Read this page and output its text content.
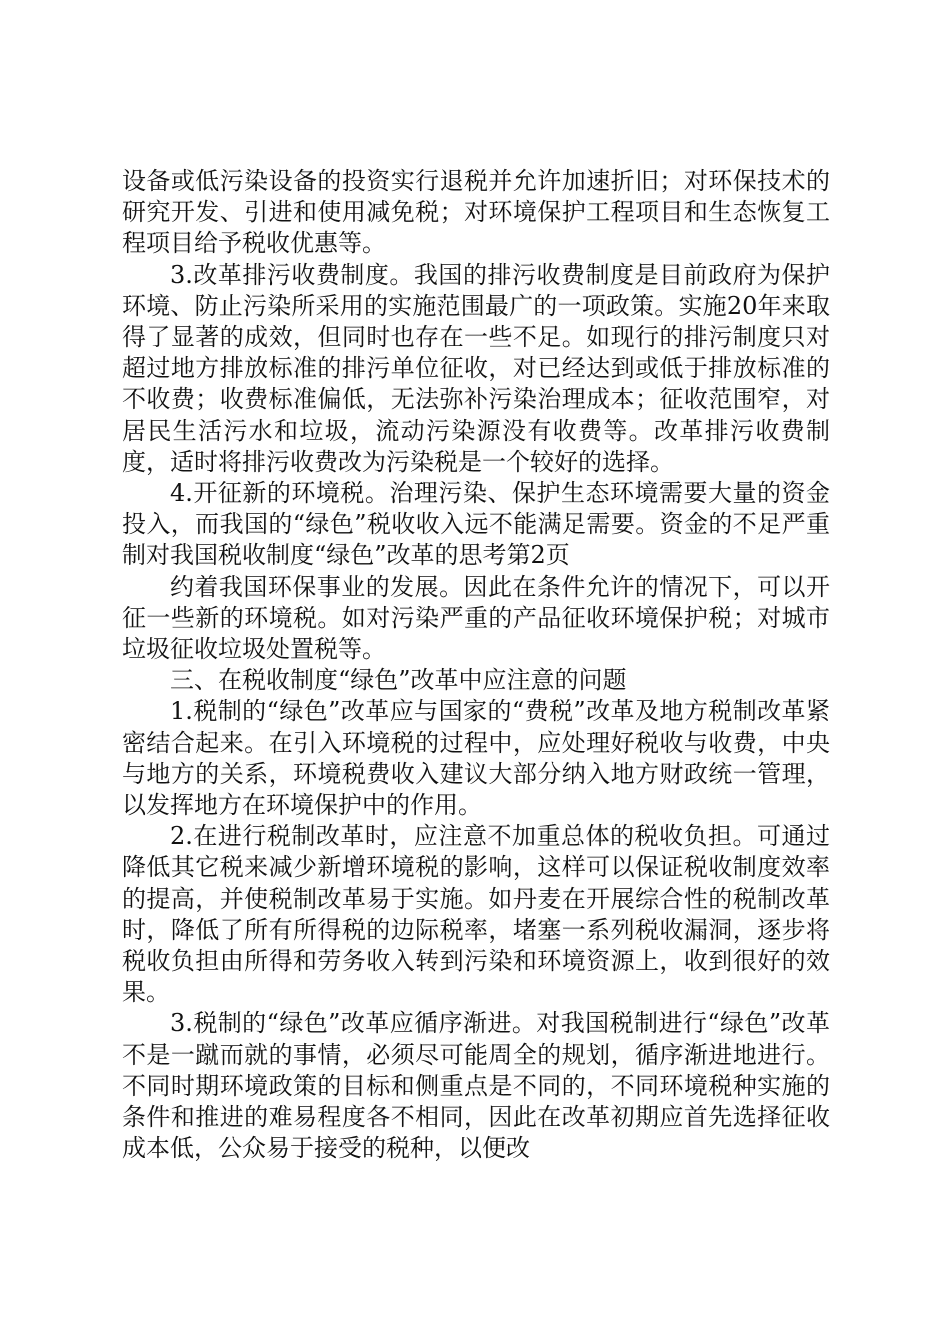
设备或低污染设备的投资实行退税并允许加速折旧；对环保技术的研究开发、引进和使用减免税；对环境保护工程项目和生态恢复工程项目给予税收优惠等。

3.改革排污收费制度。我国的排污收费制度是目前政府为保护环境、防止污染所采用的实施范围最广的一项政策。实施20年来取得了显著的成效，但同时也存在一些不足。如现行的排污制度只对超过地方排放标准的排污单位征收，对已经达到或低于排放标准的不收费；收费标准偏低，无法弥补污染治理成本；征收范围窄，对居民生活污水和垃圾，流动污染源没有收费等。改革排污收费制度，适时将排污收费改为污染税是一个较好的选择。

4.开征新的环境税。治理污染、保护生态环境需要大量的资金投入，而我国的“绿色”税收收入远不能满足需要。资金的不足严重制对我国税收制度“绿色”改革的思考第2页

约着我国环保事业的发展。因此在条件允许的情况下，可以开征一些新的环境税。如对污染严重的产品征收环境保护税；对城市垃圾征收垃圾处置税等。

三、在税收制度“绿色”改革中应注意的问题

1.税制的“绿色”改革应与国家的“费税”改革及地方税制改革紧密结合起来。在引入环境税的过程中，应处理好税收与收费，中央与地方的关系，环境税费收入建议大部分纳入地方财政统一管理，以发挥地方在环境保护中的作用。

2.在进行税制改革时，应注意不加重总体的税收负担。可通过降低其它税来减少新增环境税的影响，这样可以保证税收制度效率的提高，并使税制改革易于实施。如丹麦在开展综合性的税制改革时，降低了所有所得税的边际税率，堵塞一系列税收漏洞，逐步将税收负担由所得和劳务收入转到污染和环境资源上，收到很好的效果。

3.税制的“绿色”改革应循序渐进。对我国税制进行“绿色”改革不是一蹴而就的事情，必须尽可能周全的规划，循序渐进地进行。不同时期环境政策的目标和侧重点是不同的，不同环境税种实施的条件和推进的难易程度各不相同，因此在改革初期应首先选择征收成本低，公众易于接受的税种，以便改
